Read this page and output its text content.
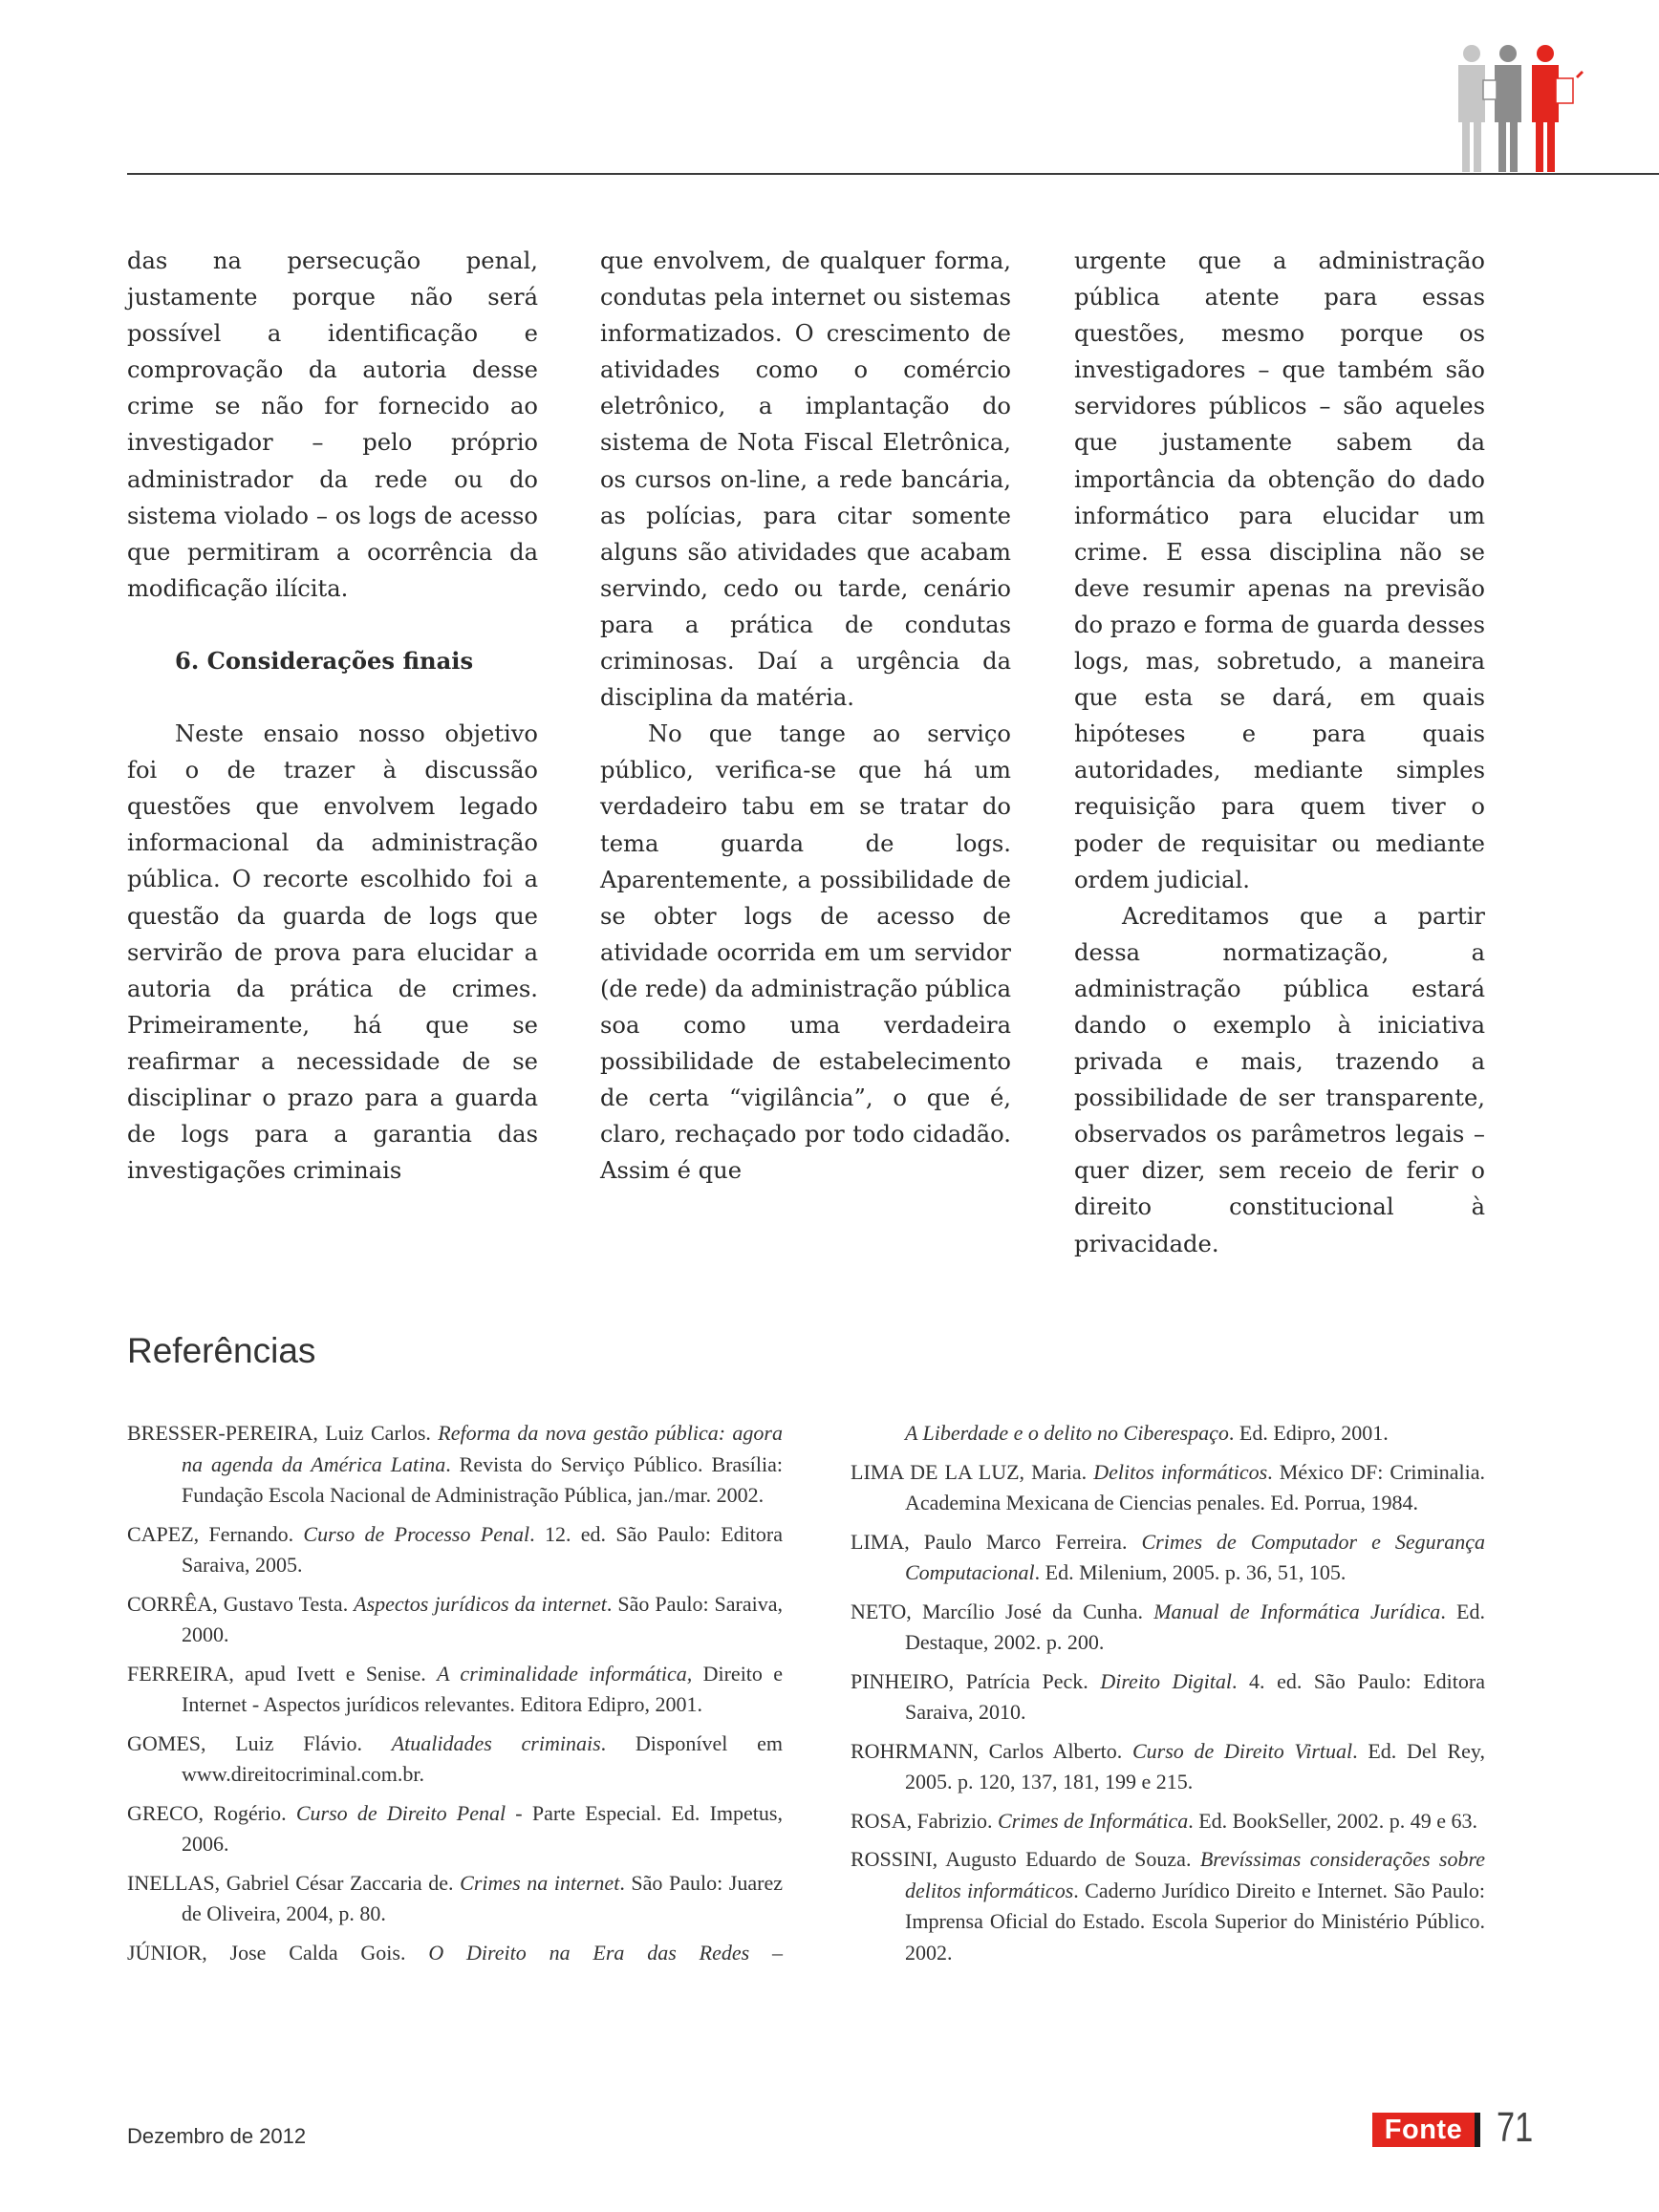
das na persecução penal, justamente porque não será possível a identificação e comprovação da autoria desse crime se não for fornecido ao investigador – pelo próprio administrador da rede ou do sistema violado – os logs de acesso que permitiram a ocorrência da modificação ilícita.

6. Considerações finais

Neste ensaio nosso objetivo foi o de trazer à discussão questões que envolvem legado informacional da administração pública. O recorte escolhido foi a questão da guarda de logs que servirão de prova para elucidar a autoria da prática de crimes. Primeiramente, há que se reafirmar a necessidade de se disciplinar o prazo para a guarda de logs para a garantia das investigações criminais

que envolvem, de qualquer forma, condutas pela internet ou sistemas informatizados. O crescimento de atividades como o comércio eletrônico, a implantação do sistema de Nota Fiscal Eletrônica, os cursos on-line, a rede bancária, as polícias, para citar somente alguns são atividades que acabam servindo, cedo ou tarde, cenário para a prática de condutas criminosas. Daí a urgência da disciplina da matéria.

No que tange ao serviço público, verifica-se que há um verdadeiro tabu em se tratar do tema guarda de logs. Aparentemente, a possibilidade de se obter logs de acesso de atividade ocorrida em um servidor (de rede) da administração pública soa como uma verdadeira possibilidade de estabelecimento de certa “vigilância”, o que é, claro, rechaçado por todo cidadão. Assim é que

urgente que a administração pública atente para essas questões, mesmo porque os investigadores – que também são servidores públicos – são aqueles que justamente sabem da importância da obtenção do dado informático para elucidar um crime. E essa disciplina não se deve resumir apenas na previsão do prazo e forma de guarda desses logs, mas, sobretudo, a maneira que esta se dará, em quais hipóteses e para quais autoridades, mediante simples requisição para quem tiver o poder de requisitar ou mediante ordem judicial.

Acreditamos que a partir dessa normatização, a administração pública estará dando o exemplo à iniciativa privada e mais, trazendo a possibilidade de ser transparente, observados os parâmetros legais – quer dizer, sem receio de ferir o direito constitucional à privacidade.

Referências

BRESSER-PEREIRA, Luiz Carlos. Reforma da nova gestão pública: agora na agenda da América Latina. Revista do Serviço Público. Brasília: Fundação Escola Nacional de Administração Pública, jan./mar. 2002.

CAPEZ, Fernando. Curso de Processo Penal. 12. ed. São Paulo: Editora Saraiva, 2005.

CORRÊA, Gustavo Testa. Aspectos jurídicos da internet. São Paulo: Saraiva, 2000.

FERREIRA, apud Ivett e Senise. A criminalidade informática, Direito e Internet - Aspectos jurídicos relevantes. Editora Edipro, 2001.

GOMES, Luiz Flávio. Atualidades criminais. Disponível em www.direitocriminal.com.br.

GRECO, Rogério. Curso de Direito Penal - Parte Especial. Ed. Impetus, 2006.

INELLAS, Gabriel César Zaccaria de. Crimes na internet. São Paulo: Juarez de Oliveira, 2004, p. 80.

JÚNIOR, Jose Calda Gois. O Direito na Era das Redes –

A Liberdade e o delito no Ciberespaço. Ed. Edipro, 2001.

LIMA DE LA LUZ, Maria. Delitos informáticos. México DF: Criminalia. Academina Mexicana de Ciencias penales. Ed. Porrua, 1984.

LIMA, Paulo Marco Ferreira. Crimes de Computador e Segurança Computacional. Ed. Milenium, 2005. p. 36, 51, 105.

NETO, Marcílio José da Cunha. Manual de Informática Jurídica. Ed. Destaque, 2002. p. 200.

PINHEIRO, Patrícia Peck. Direito Digital. 4. ed. São Paulo: Editora Saraiva, 2010.

ROHRMANN, Carlos Alberto. Curso de Direito Virtual. Ed. Del Rey, 2005. p. 120, 137, 181, 199 e 215.

ROSA, Fabrizio. Crimes de Informática. Ed. BookSeller, 2002. p. 49 e 63.

ROSSINI, Augusto Eduardo de Souza. Brevíssimas considerações sobre delitos informáticos. Caderno Jurídico Direito e Internet. São Paulo: Imprensa Oficial do Estado. Escola Superior do Ministério Público. 2002.

Dezembro de 2012	Fonte 71
